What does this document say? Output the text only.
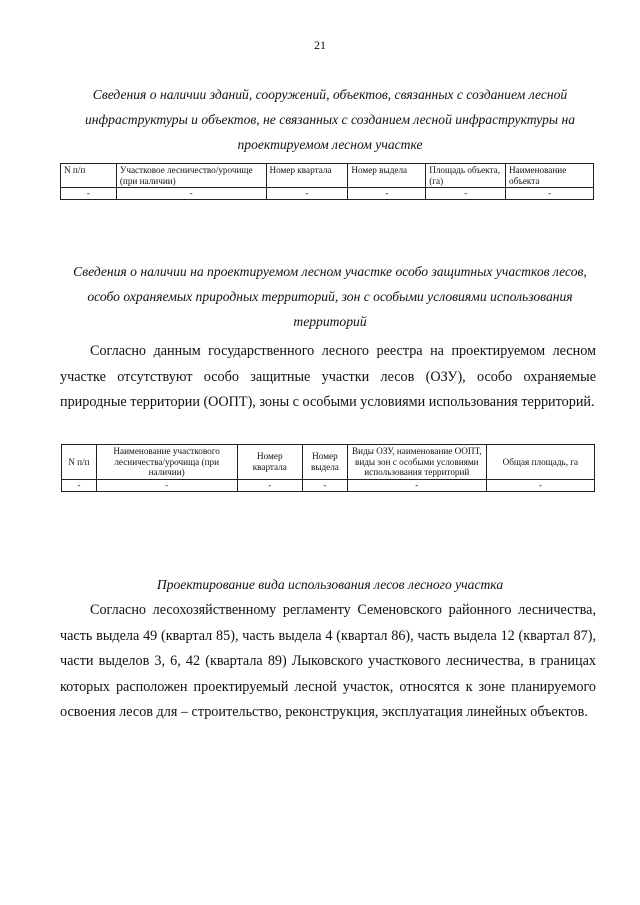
21
Сведения о наличии зданий, сооружений, объектов, связанных с созданием лесной инфраструктуры и объектов, не связанных с созданием лесной инфраструктуры на проектируемом лесном участке
N п/п	Участковое лесничество/урочище (при наличии)	Номер квартала	Номер выдела	Площадь объекта, (га)	Наименование объекта
-	-	-	-	-	-
Сведения о наличии на проектируемом лесном участке особо защитных участков лесов, особо охраняемых природных территорий, зон с особыми условиями использования территорий
Согласно данным государственного лесного реестра на проектируемом лесном участке отсутствуют особо защитные участки лесов (ОЗУ), особо охраняемые природные территории (ООПТ), зоны с особыми условиями использования территорий.
N п/п	Наименование участкового лесничества/урочища (при наличии)	Номер квартала	Номер выдела	Виды ОЗУ, наименование ООПТ, виды зон с особыми условиями использования территорий	Общая площадь, га
-	-	-	-	-	-
Проектирование вида использования лесов лесного участка
Согласно лесохозяйственному регламенту Семеновского районного лесничества, часть выдела 49 (квартал 85), часть выдела 4 (квартал 86), часть выдела 12 (квартал 87), части выделов 3, 6, 42 (квартала 89) Лыковского участкового лесничества, в границах которых расположен проектируемый лесной участок, относятся к зоне планируемого освоения лесов для – строительство, реконструкция, эксплуатация линейных объектов.
